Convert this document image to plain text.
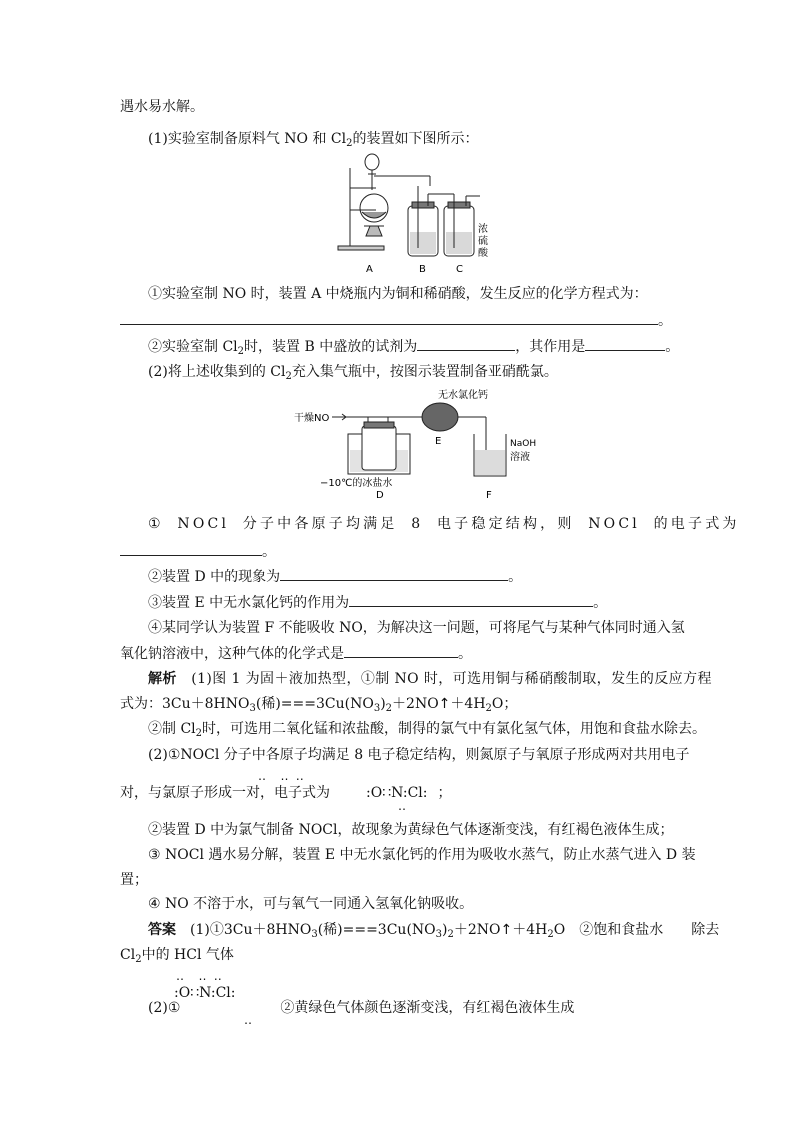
遇水易水解。
(1)实验室制备原料气 NO 和 $Cl_2$的装置如下图所示：
A	B	C
浓
硫
酸
①实验室制 NO 时，装置 A 中烧瓶内为铜和稀硝酸，发生反应的化学方程式为：
。
②实验室制 $Cl_2$时，装置 B 中盛放的试剂为	，其作用是	。
(2)将上述收集到的 $Cl_2$充入集气瓶中，按图示装置制备亚硝酰氯。
干燥NO
无水氯化钙
E	NaOH
溶液
−10℃的冰盐水
D	F
① NOCl 分子中各原子均满足 8 电子稳定结构，则 NOCl 的电子式为
。
②装置 D 中的现象为	。
③装置 E 中无水氯化钙的作用为	。
④某同学认为装置 F 不能吸收 NO，为解决这一问题，可将尾气与某种气体同时通入氢
氧化钠溶液中，这种气体的化学式是	。
解析　 (1)图 1 为固＋液加热型，①制 NO 时，可选用铜与稀硝酸制取，发生的反应方程
式为：$3Cu+8HNO_3$(稀)$===3Cu(NO_3)_2+2NO↑+4H_2O$；
②制 $Cl_2$时，可选用二氧化锰和浓盐酸，制得的氯气中有氯化氢气体，用饱和食盐水除去。
(2)①NOCl 分子中各原子均满足 8 电子稳定结构，则氮原子与氧原子形成两对共用电子
‥  ‥ ‥
对，与氯原子形成一对，电子式为	:O∷N:Cl: ；
‥
②装置 D 中为氯气制备 NOCl，故现象为黄绿色气体逐渐变浅，有红褐色液体生成；
③ NOCl 遇水易分解，装置 E 中无水氯化钙的作用为吸收水蒸气，防止水蒸气进入 D 装
置；
④ NO 不溶于水，可与氧气一同通入氢氧化钠吸收。
答案　 $(1)①3Cu+8HNO_3$(稀)$===3Cu(NO_3)_2+2NO↑+4H_2O$　②饱和食盐水　　除去
$Cl_2$中的 HCl 气体
‥  ‥ ‥
:O∷N:Cl:
(2)①	②黄绿色气体颜色逐渐变浅，有红褐色液体生成
‥
